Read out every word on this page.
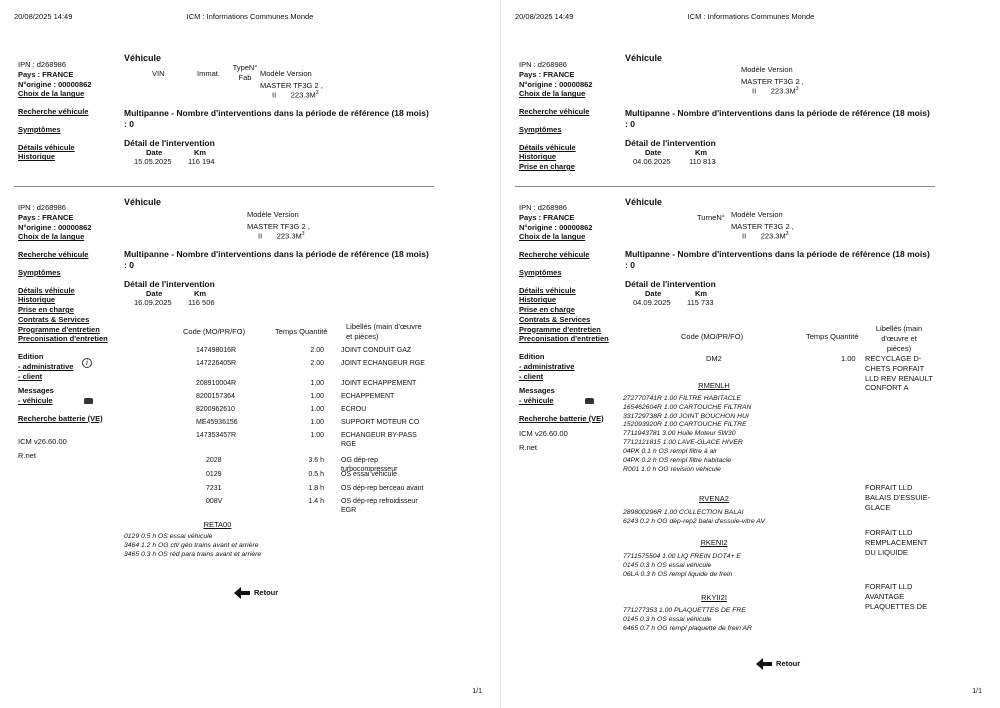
20/08/2025 14:49	ICM : Informations Communes Monde
IPN : d268986
Pays : FRANCE
N°origine : 00000862
Choix de la langue
Recherche véhicule
Symptômes
Détails véhicule
Historique
Véhicule
VIN	Immat.
TypeN° Fab	Modèle Version
MASTER TF3G 2 ,
II $223.3M^3$
Multipanne - Nombre d'interventions dans la période de référence (18 mois) : 0
Détail de l'intervention
Date	Km
15.05.2025 116 194
IPN : d268986
Pays : FRANCE
N°origine : 00000862
Choix de la langue
Recherche véhicule
Symptômes
Détails véhicule
Historique
Prise en charge
Contrats & Services
Programme d'entretien
Preconisation d'entretien
Edition
- administrative
- client
Messages
- véhicule
Recherche batterie (VE)
ICM v26.60.00
R.net
i
Véhicule
Modèle Version
MASTER TF3G 2 ,
II $223.3M^3$
Multipanne - Nombre d'interventions dans la période de référence (18 mois) : 0
Détail de l'intervention
Date	Km
16.09.2025 116 506
Code (MO/PR/FO)	Temps Quantité
Libellés (main d'œuvre et pièces)
147498016R	2.00 JOINT CONDUIT GAZ
147226405R	2.00 JOINT ECHANGEUR RGE
208910004R	1.00 JOINT ECHAPPEMENT
8200157364	1.00 ECHAPPEMENT
8200962610	1.00 ECROU
ME45936156	1.00 SUPPORT MOTEUR CO
147353457R	1.00 ECHANGEUR BY-PASS RGE
2028	3.6 h OG dép-rep turbocompresseur
0129	0.5 h OS essai véhicule
7231	1.8 h OS dép-rep berceau avant
008V	1.4 h OS dép-rep refroidisseur EGR
RETA00
0129 0.5 h OS essai véhicule
3464 1.2 h OG ctl/ géo trains avant et arrière
3465 0.3 h OS réd para trains avant et arrière
Retour
1/1
20/08/2025 14:49	ICM : Informations Communes Monde
IPN : d268986
Pays : FRANCE
N°origine : 00000862
Choix de la langue
Recherche véhicule
Symptômes
Détails véhicule
Historique
Prise en charge
Véhicule
Modèle Version
MASTER TF3G 2 ,
II $223.3M^3$
Multipanne - Nombre d'interventions dans la période de référence (18 mois) : 0
Détail de l'intervention
Date	Km
04.06.2025 110 813
IPN : d268986
Pays : FRANCE
N°origine : 00000862
Choix de la langue
Recherche véhicule
Symptômes
Détails véhicule
Historique
Prise en charge
Contrats & Services
Programme d'entretien
Preconisation d'entretien
Edition
- administrative
- client
Messages
- véhicule
Recherche batterie (VE)
ICM v26.60.00
R.net
Véhicule
TurneN° Modèle Version
MASTER TF3G 2 ,
II $223.3M^3$
Multipanne - Nombre d'interventions dans la période de référence (18 mois) : 0
Détail de l'intervention
Date	Km
04.09.2025 115 733
Code (MO/PR/FO)	Temps Quantité
Libellés (main d'œuvre et pièces)
DM2	1.00 RECYCLAGE D-CHETS FORFAIT LLD REV RENAULT CONFORT A
RMENLH
272770741R 1.00 FILTRE HABITACLE
165462604R 1.00 CARTOUCHE FILTRAN
331729738R 1.00 JOINT BOUCHON HUI
152093920R 1.00 CARTOUCHE FILTRE
7711943781 3.00 Huile Moteur 5W30
7712121815 1.00 LAVE-GLACE HIVER
04PK 0.1 h OS rempl filtre à air
04PK 0.2 h OS rempl filtre habitacle
R001 1.0 h OG révision véhicule
FORFAIT LLD BALAIS D'ESSUIE-GLACE
RVENA2
289800296R 1.00 COLLECTION BALAI
6243 0.2 h OG dép-rep2 balai d'essuie-vitre AV
FORFAIT LLD REMPLACEMENT DU LIQUIDE
RKENI2
7711575504 1.00 LIQ FREIN DOT4+ E
0145 0.3 h OS essai véhicule
06LA 0.3 h OS rempl liquide de frein
FORFAIT LLD AVANTAGE PLAQUETTES DE
RKYII2I
771277353 1.00 PLAQUETTES DE FRE
0145 0.3 h OS essai véhicule
6465 0.7 h OG rempl plaquette de frein AR
Retour
1/1
